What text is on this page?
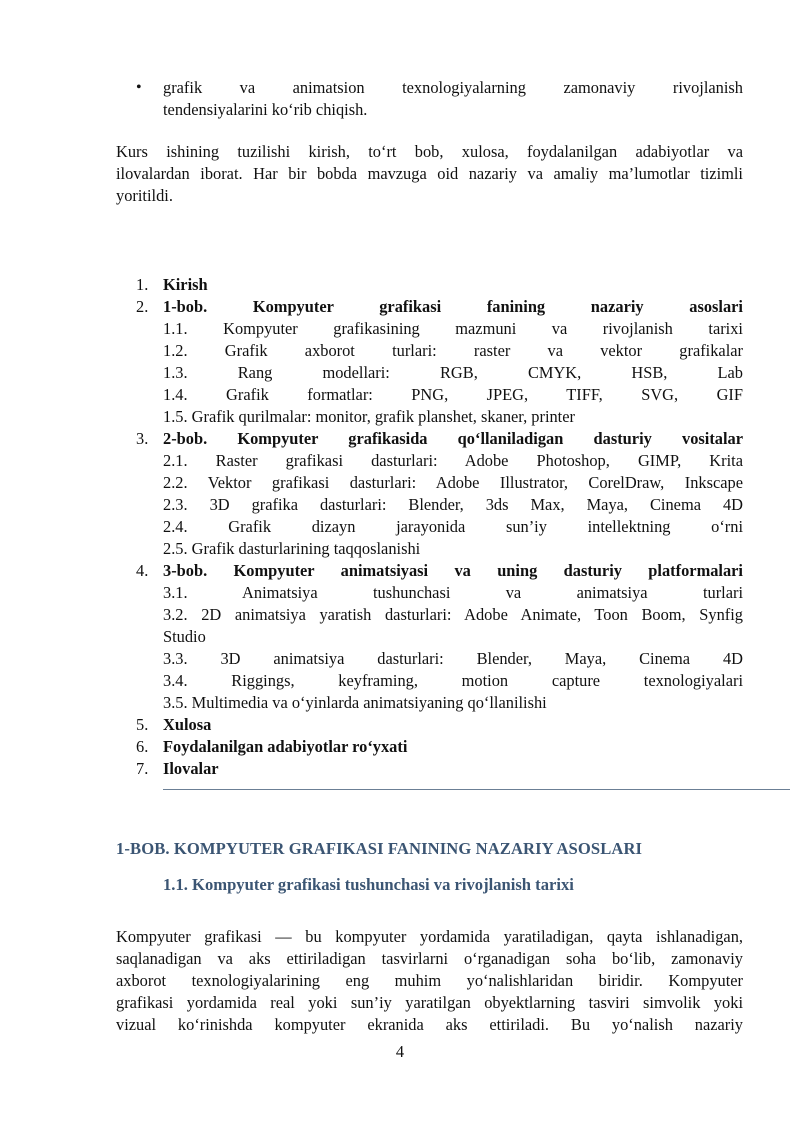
• grafik va animatsion texnologiyalarning zamonaviy rivojlanish
tendensiyalarini ko‘rib chiqish.
Kurs ishining tuzilishi kirish, to‘rt bob, xulosa, foydalanilgan adabiyotlar va
ilovalardan iborat. Har bir bobda mavzuga oid nazariy va amaliy ma’lumotlar tizimli
yoritildi.
1. Kirish
2. 1-bob. Kompyuter grafikasi fanining nazariy asoslari
1.1. Kompyuter grafikasining mazmuni va rivojlanish tarixi
1.2. Grafik axborot turlari: raster va vektor grafikalar
1.3. Rang modellari: RGB, CMYK, HSB, Lab
1.4. Grafik formatlar: PNG, JPEG, TIFF, SVG, GIF
1.5. Grafik qurilmalar: monitor, grafik planshet, skaner, printer
3. 2-bob. Kompyuter grafikasida qo‘llaniladigan dasturiy vositalar
2.1. Raster grafikasi dasturlari: Adobe Photoshop, GIMP, Krita
2.2. Vektor grafikasi dasturlari: Adobe Illustrator, CorelDraw, Inkscape
2.3. 3D grafika dasturlari: Blender, 3ds Max, Maya, Cinema 4D
2.4. Grafik dizayn jarayonida sun’iy intellektning o‘rni
2.5. Grafik dasturlarining taqqoslanishi
4. 3-bob. Kompyuter animatsiyasi va uning dasturiy platformalari
3.1. Animatsiya tushunchasi va animatsiya turlari
3.2. 2D animatsiya yaratish dasturlari: Adobe Animate, Toon Boom, Synfig
Studio
3.3. 3D animatsiya dasturlari: Blender, Maya, Cinema 4D
3.4. Riggings, keyframing, motion capture texnologiyalari
3.5. Multimedia va o‘yinlarda animatsiyaning qo‘llanilishi
5. Xulosa
6. Foydalanilgan adabiyotlar ro‘yxati
7. Ilovalar
1-BOB. KOMPYUTER GRAFIKASI FANINING NAZARIY ASOSLARI
1.1. Kompyuter grafikasi tushunchasi va rivojlanish tarixi
Kompyuter grafikasi — bu kompyuter yordamida yaratiladigan, qayta ishlanadigan,
saqlanadigan va aks ettiriladigan tasvirlarni o‘rganadigan soha bo‘lib, zamonaviy
axborot texnologiyalarining eng muhim yo‘nalishlaridan biridir. Kompyuter
grafikasi yordamida real yoki sun’iy yaratilgan obyektlarning tasviri simvolik yoki
vizual ko‘rinishda kompyuter ekranida aks ettiriladi. Bu yo‘nalish nazariy
4
